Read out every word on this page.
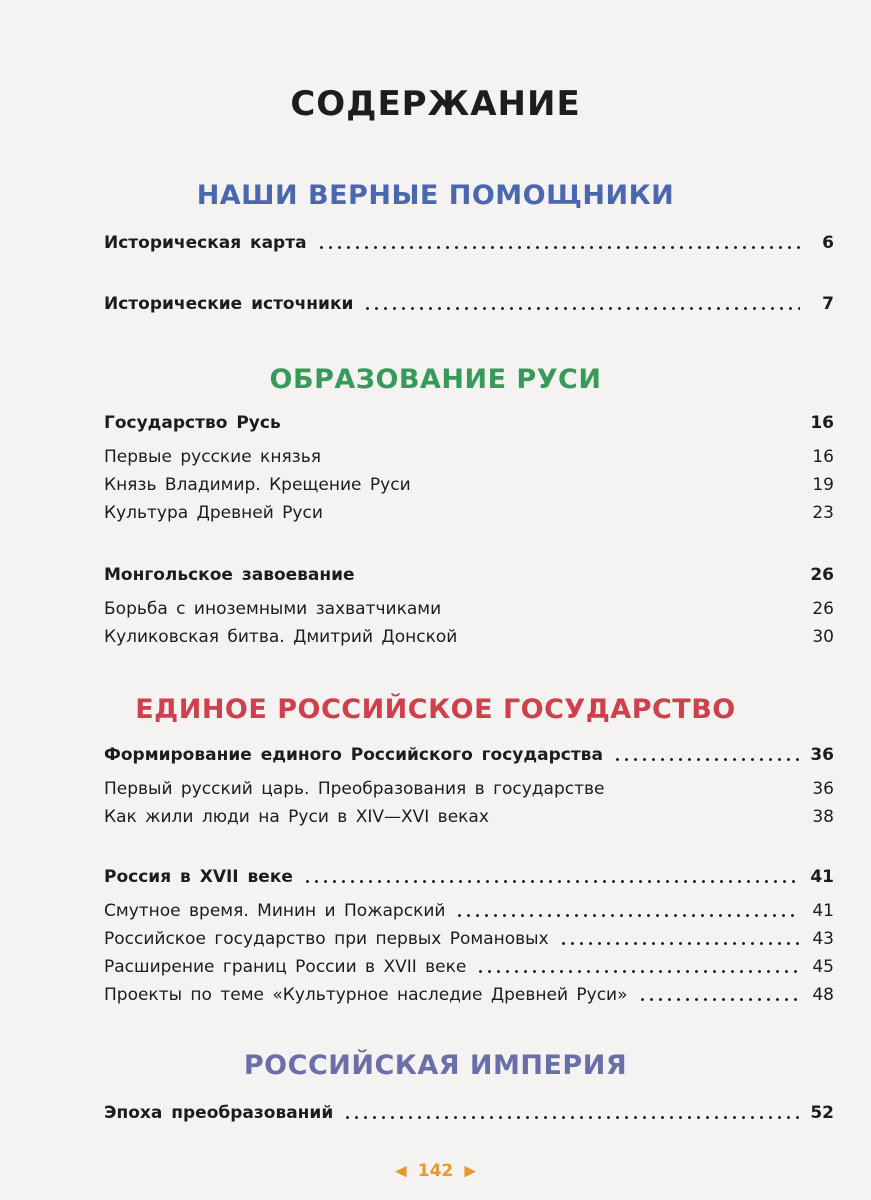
СОДЕРЖАНИЕ
НАШИ ВЕРНЫЕ ПОМОЩНИКИ
Историческая карта	6
Исторические источники	7
ОБРАЗОВАНИЕ РУСИ
Государство Русь	16
Первые русские князья	16
Князь Владимир. Крещение Руси	19
Культура Древней Руси	23
Монгольское завоевание	26
Борьба с иноземными захватчиками	26
Куликовская битва. Дмитрий Донской	30
ЕДИНОЕ РОССИЙСКОЕ ГОСУДАРСТВО
Формирование единого Российского государства	36
Первый русский царь. Преобразования в государстве	36
Как жили люди на Руси в XIV—XVI веках	38
Россия в XVII веке	41
Смутное время. Минин и Пожарский	41
Российское государство при первых Романовых	43
Расширение границ России в XVII веке	45
Проекты по теме «Культурное наследие Древней Руси»	48
РОССИЙСКАЯ ИМПЕРИЯ
Эпоха преобразований	52
◀ 142 ▶
